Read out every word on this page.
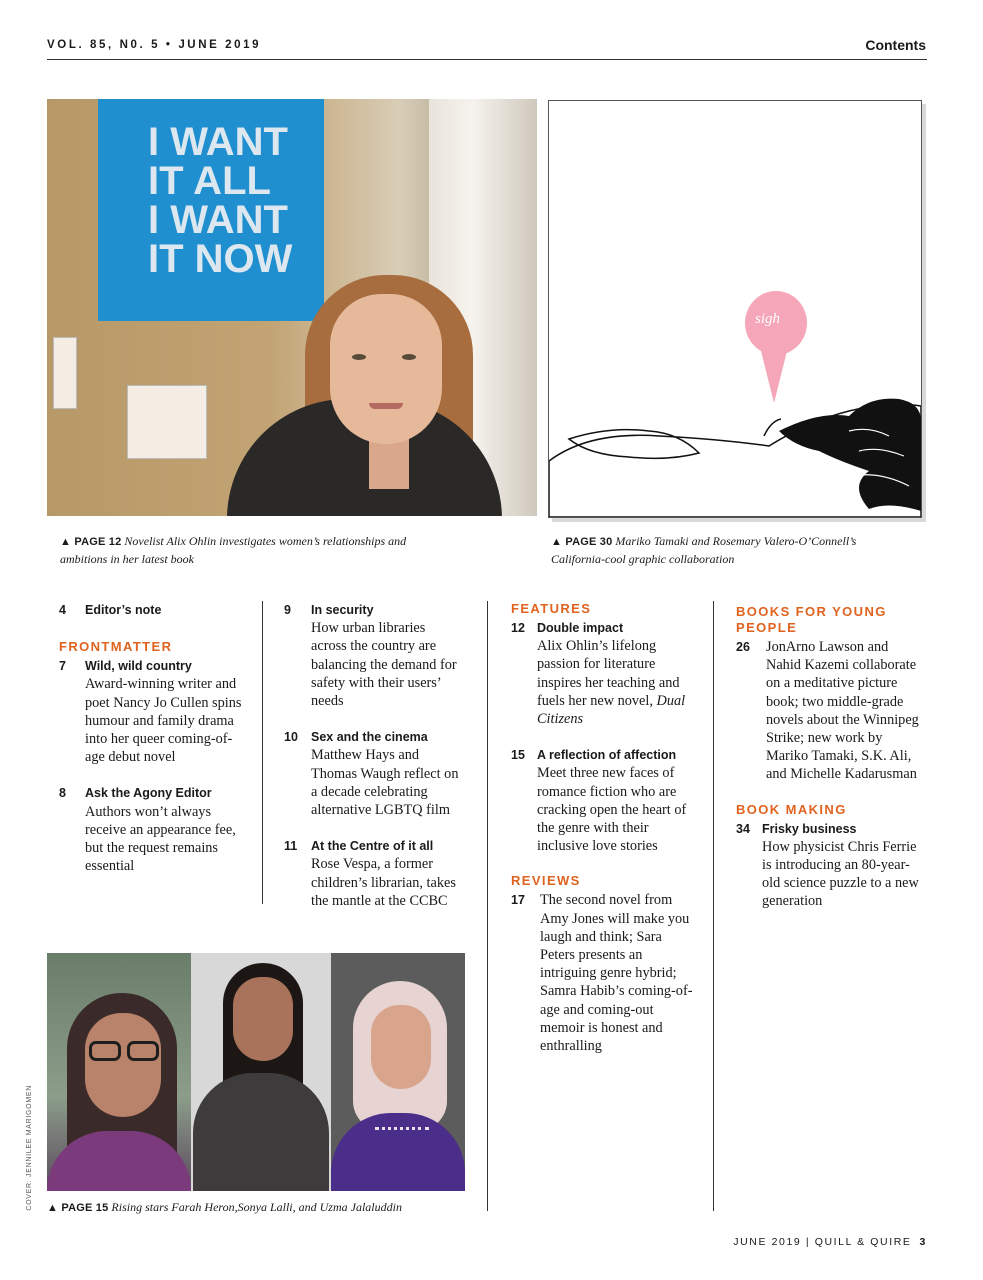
VOL. 85, N0. 5 • JUNE 2019	Contents
I WANT
IT ALL
I WANT
IT NOW
sigh
▲ PAGE 12 Novelist Alix Ohlin investigates women’s relationships and ambitions in her latest book
▲ PAGE 30 Mariko Tamaki and Rosemary Valero-O’Connell’s California-cool graphic collaboration
4 Editor’s note
FRONTMATTER
7 Wild, wild country
Award-winning writer and poet Nancy Jo Cullen spins humour and family drama into her queer coming-of-age debut novel
8 Ask the Agony Editor
Authors won’t always receive an appearance fee, but the request remains essential
9 In security
How urban libraries across the country are balancing the demand for safety with their users’ needs
10 Sex and the cinema
Matthew Hays and Thomas Waugh reflect on a decade celebrating alternative LGBTQ film
11 At the Centre of it all
Rose Vespa, a former children’s librarian, takes the mantle at the CCBC
FEATURES
12 Double impact
Alix Ohlin’s lifelong passion for literature inspires her teaching and fuels her new novel, Dual Citizens
15 A reflection of affection
Meet three new faces of romance fiction who are cracking open the heart of the genre with their inclusive love stories
REVIEWS
17 The second novel from Amy Jones will make you laugh and think; Sara Peters presents an intriguing genre hybrid; Samra Habib’s coming-of-age and coming-out memoir is honest and enthralling
BOOKS FOR YOUNG PEOPLE
26 JonArno Lawson and Nahid Kazemi collaborate on a meditative picture book; two middle-grade novels about the Winnipeg Strike; new work by Mariko Tamaki, S.K. Ali, and Michelle Kadarusman
BOOK MAKING
34 Frisky business
How physicist Chris Ferrie is introducing an 80-year-old science puzzle to a new generation
COVER: JENNILEE MARIGOMEN ▲ PAGE 15 Rising stars Farah Heron,Sonya Lalli, and Uzma Jalaluddin
JUNE 2019 | QUILL & QUIRE 3
